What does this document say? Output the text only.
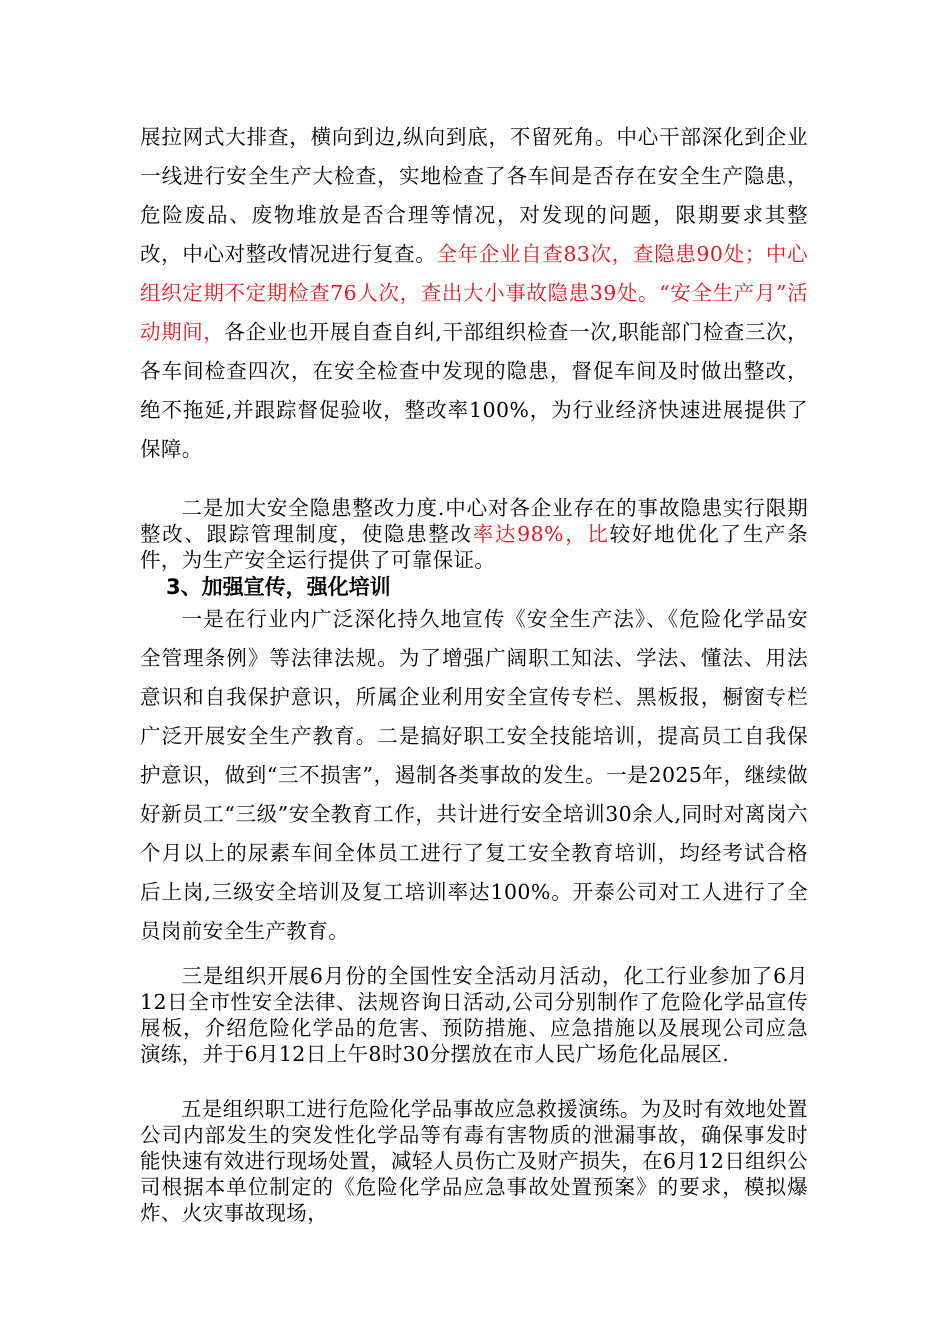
展拉网式大排查，横向到边,纵向到底，不留死角。中心干部深化到企业一线进行安全生产大检查，实地检查了各车间是否存在安全生产隐患，危险废品、废物堆放是否合理等情况，对发现的问题，限期要求其整改，中心对整改情况进行复查。全年企业自查83次，查隐患90处；中心组织定期不定期检查76人次，查出大小事故隐患39处。“安全生产月”活动期间，各企业也开展自查自纠,干部组织检查一次,职能部门检查三次，各车间检查四次，在安全检查中发现的隐患，督促车间及时做出整改，绝不拖延,并跟踪督促验收，整改率100%，为行业经济快速进展提供了保障。
二是加大安全隐患整改力度.中心对各企业存在的事故隐患实行限期整改、跟踪管理制度，使隐患整改率达98%，比较好地优化了生产条件，为生产安全运行提供了可靠保证。
3、加强宣传，强化培训
一是在行业内广泛深化持久地宣传《安全生产法》、《危险化学品安全管理条例》等法律法规。为了增强广阔职工知法、学法、懂法、用法意识和自我保护意识，所属企业利用安全宣传专栏、黑板报，橱窗专栏广泛开展安全生产教育。二是搞好职工安全技能培训，提高员工自我保护意识，做到“三不损害”，遏制各类事故的发生。一是2025年，继续做好新员工“三级”安全教育工作，共计进行安全培训30余人,同时对离岗六个月以上的尿素车间全体员工进行了复工安全教育培训，均经考试合格后上岗,三级安全培训及复工培训率达100%。开泰公司对工人进行了全员岗前安全生产教育。
三是组织开展6月份的全国性安全活动月活动，化工行业参加了6月12日全市性安全法律、法规咨询日活动,公司分别制作了危险化学品宣传展板，介绍危险化学品的危害、预防措施、应急措施以及展现公司应急演练，并于6月12日上午8时30分摆放在市人民广场危化品展区.
五是组织职工进行危险化学品事故应急救援演练。为及时有效地处置公司内部发生的突发性化学品等有毒有害物质的泄漏事故，确保事发时能快速有效进行现场处置，减轻人员伤亡及财产损失，在6月12日组织公司根据本单位制定的《危险化学品应急事故处置预案》的要求，模拟爆炸、火灾事故现场，
